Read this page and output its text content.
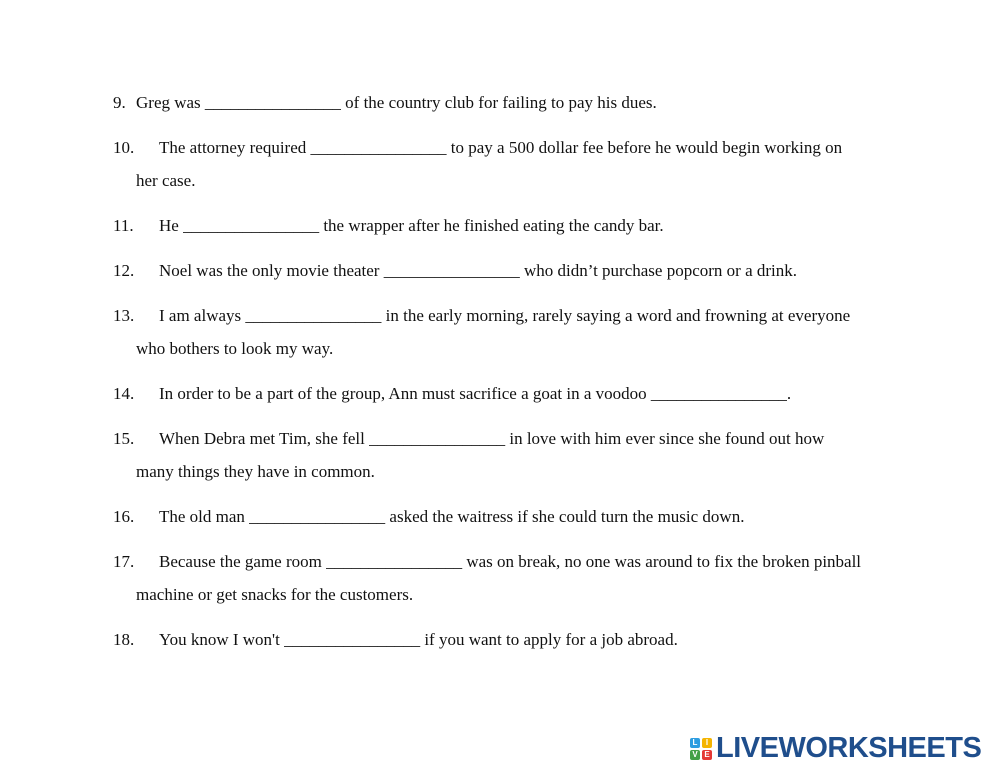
9. Greg was ________________ of the country club for failing to pay his dues.
10. The attorney required ________________ to pay a 500 dollar fee before he would begin working on
her case.
11. He ________________ the wrapper after he finished eating the candy bar.
12. Noel was the only movie theater ________________ who didn’t purchase popcorn or a drink.
13. I am always ________________ in the early morning, rarely saying a word and frowning at everyone
who bothers to look my way.
14. In order to be a part of the group, Ann must sacrifice a goat in a voodoo ________________.
15. When Debra met Tim, she fell ________________ in love with him ever since she found out how
many things they have in common.
16. The old man ________________ asked the waitress if she could turn the music down.
17. Because the game room ________________ was on break, no one was around to fix the broken pinball
machine or get snacks for the customers.
18. You know I won't ________________ if you want to apply for a job abroad.
L	I
V E LIVEWORKSHEETS
